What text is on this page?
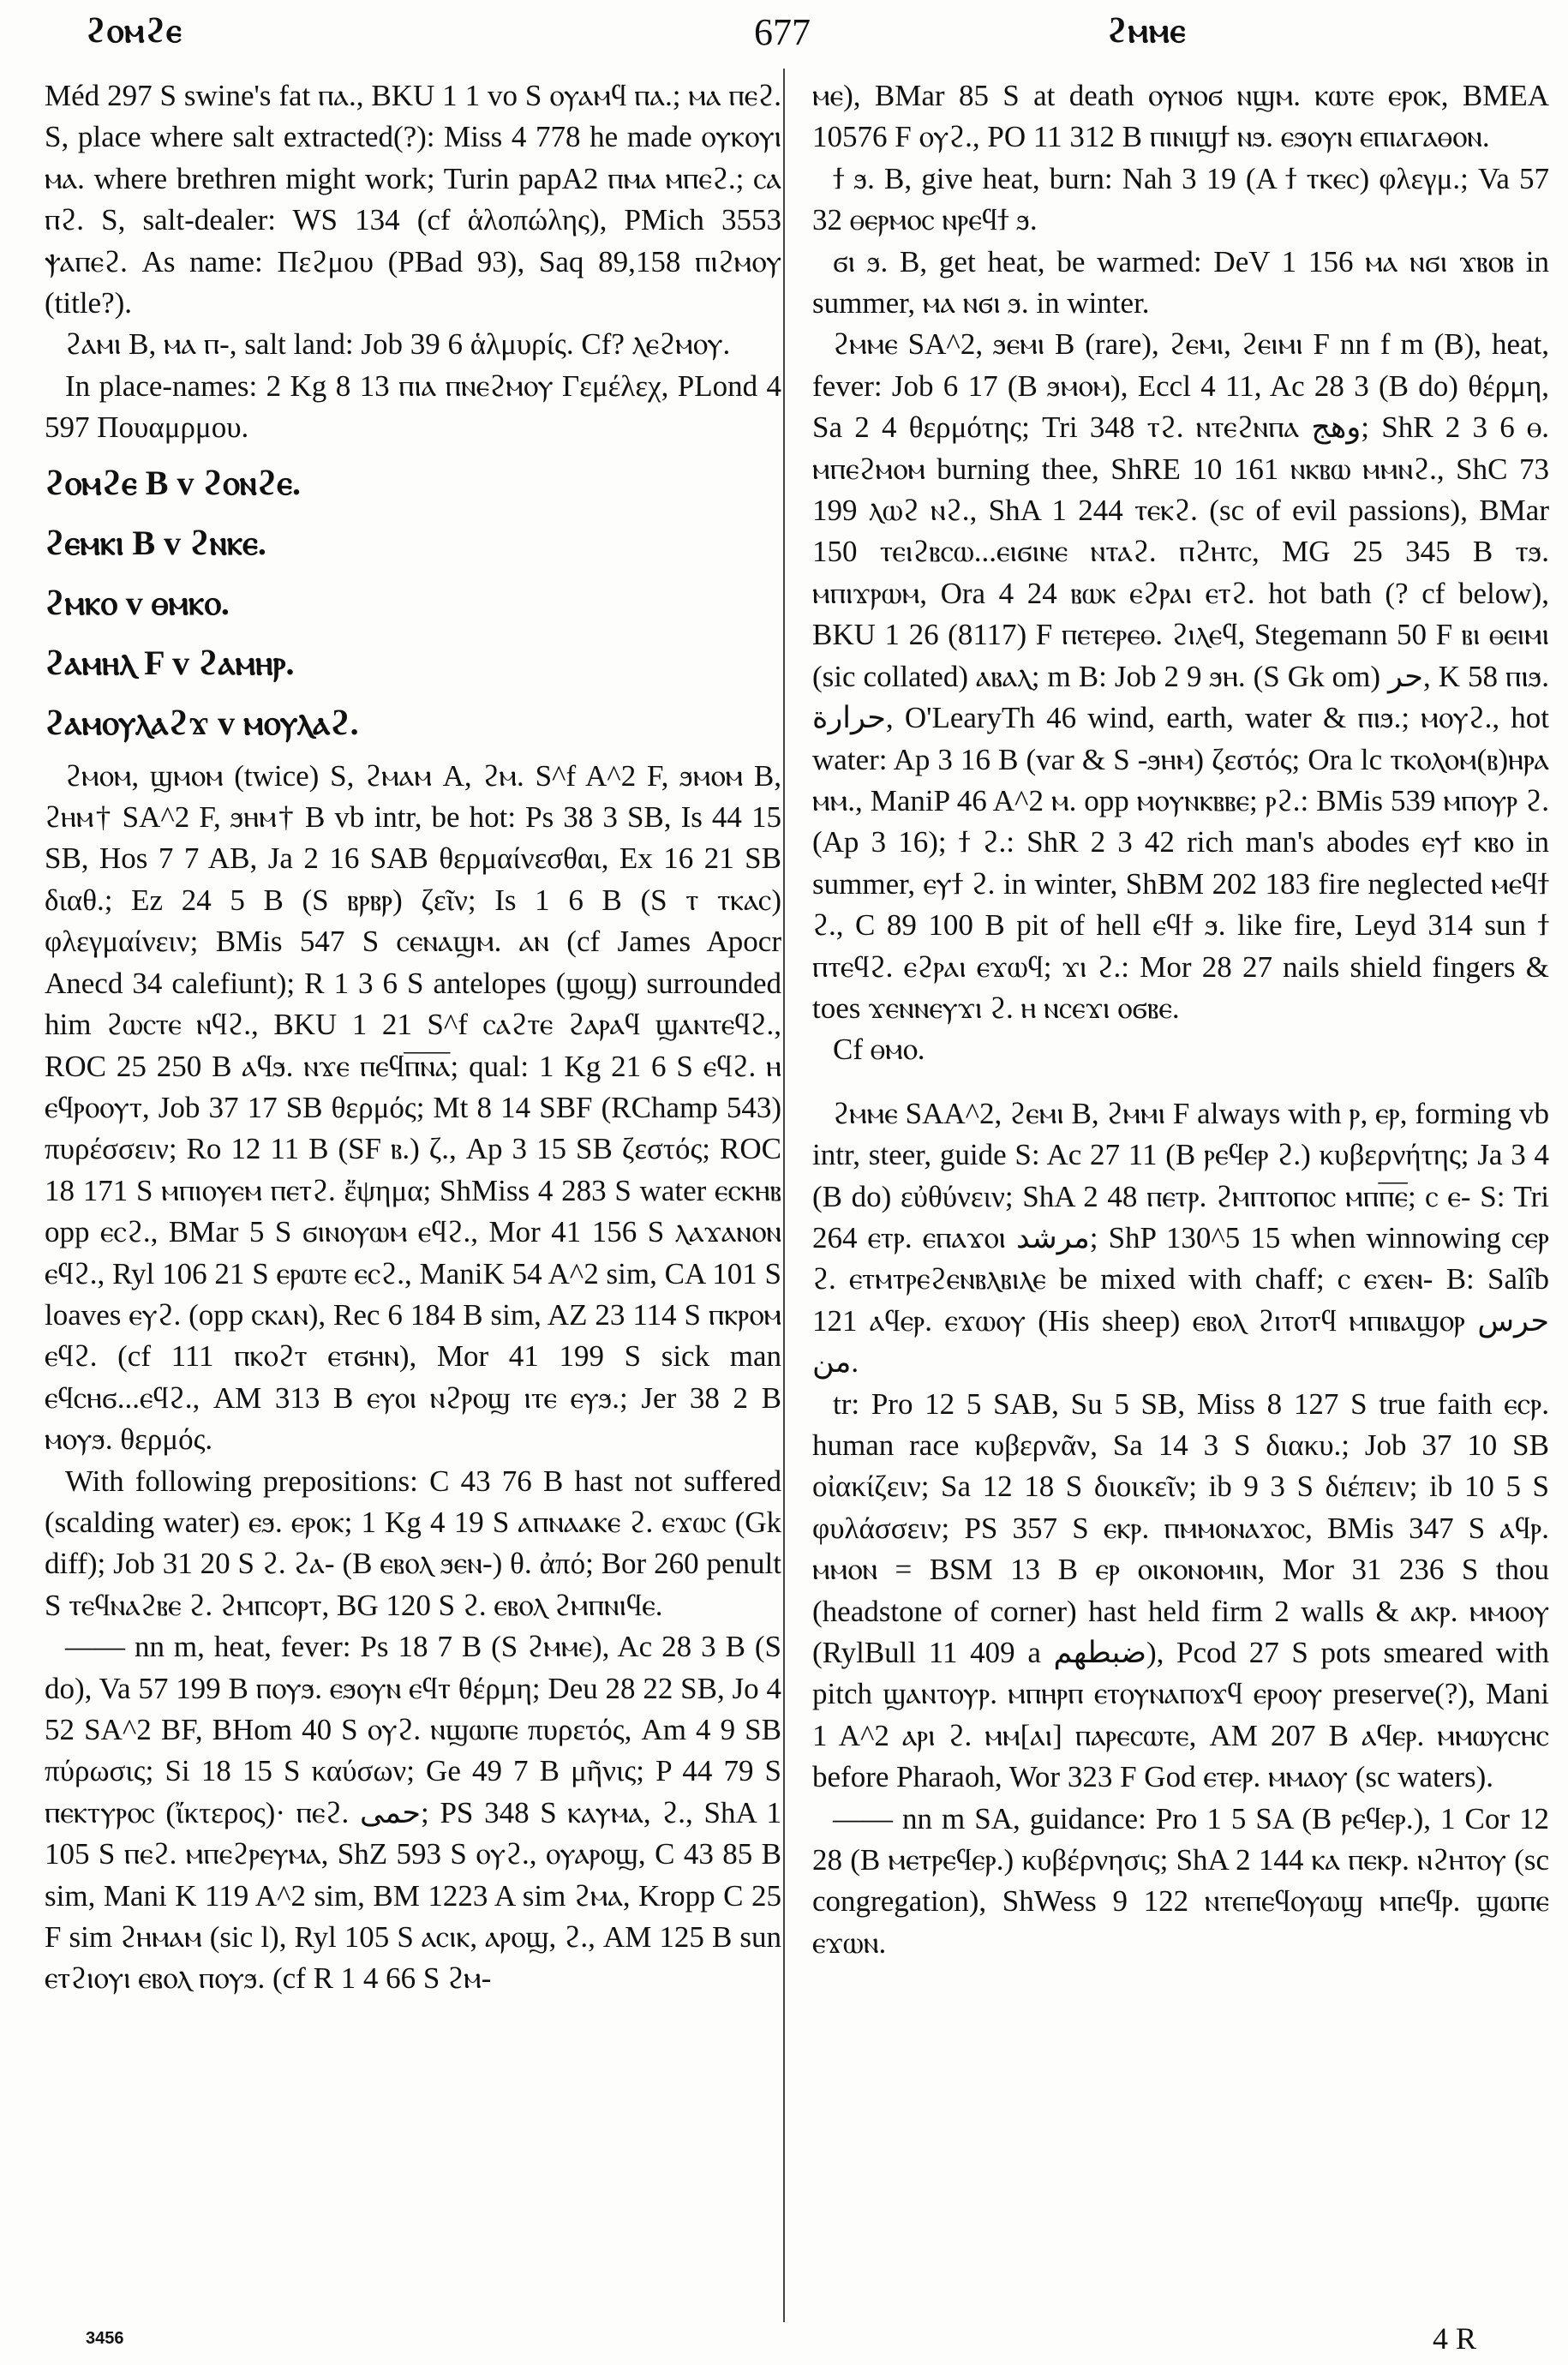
ϩⲟⲙϩⲉ	677	ϩⲙⲙⲉ

Méd 297 S swine's fat ⲡⲁ., BKU 1 1 vo S ⲟⲩⲁⲙϥ ⲡⲁ.; ⲙⲁ ⲡⲉϩ. S, place where salt extracted(?): Miss 4 778 he made ⲟⲩⲕⲟⲩⲓ ⲙⲁ. where brethren might work; Turin papA2 ⲡⲙⲁ ⲙⲡⲉϩ.; ⲥⲁ ⲡϩ. S, salt-dealer: WS 134 (cf ἁλοπώλης), PMich 3553 ⲯⲁⲡⲉϩ. As name: Πεϩμου (PBad 93), Saq 89,158 ⲡⲓϩⲙⲟⲩ (title?).

ϩⲁⲙⲓ B, ⲙⲁ ⲡ-, salt land: Job 39 6 ἁλμυρίς. Cf? ⲗⲉϩⲙⲟⲩ.

In place-names: 2 Kg 8 13 ⲡⲓⲁ ⲡⲛⲉϩⲙⲟⲩ Γεμέλεχ, PLond 4 597 Πουαμρμου.

ϩⲟⲙϩⲉ B v ϩⲟⲛϩⲉ.

ϩⲉⲙⲕⲓ B v ϩⲛⲕⲉ.

ϩⲙⲕⲟ v ⲑⲙⲕⲟ.

ϩⲁⲙⲏⲗ F v ϩⲁⲙⲏⲣ.

ϩⲁⲙⲟⲩⲗⲁϩϫ v ⲙⲟⲩⲗⲁϩ.

ϩⲙⲟⲙ, ϣⲙⲟⲙ (twice) S, ϩⲙⲁⲙ A, ϩⲙ. S^f A^2 F, ϧⲙⲟⲙ B, ϩⲏⲙ† SA^2 F, ϧⲏⲙ† B vb intr, be hot: Ps 38 3 SB, Is 44 15 SB, Hos 7 7 AB, Ja 2 16 SAB θερμαίνεσθαι, Ex 16 21 SB διαθ.; Ez 24 5 B (S ⲃⲣⲃⲣ) ζεῖν; Is 1 6 B (S ⲧ ⲧⲕⲁⲥ) φλεγμαίνειν; BMis 547 S ⲥⲉⲛⲁϣⲙ. ⲁⲛ (cf James Apocr Anecd 34 calefiunt); R 1 3 6 S antelopes (ϣⲟϣ) surrounded him ϩⲱⲥⲧⲉ ⲛϥϩ., BKU 1 21 S^f ⲥⲁϩⲧⲉ ϩⲁⲣⲁϥ ϣⲁⲛⲧⲉϥϩ., ROC 25 250 B ⲁϥϧ. ⲛϫⲉ ⲡⲉϥⲡ̅ⲛ̅ⲁ̅; qual: 1 Kg 21 6 S ⲉϥϩ. ⲏ ⲉϥⲣⲟⲟⲩⲧ, Job 37 17 SB θερμός; Mt 8 14 SBF (RChamp 543) πυρέσσειν; Ro 12 11 B (SF ⲃ.) ζ., Ap 3 15 SB ζεστός; ROC 18 171 S ⲙⲡⲓⲟⲩⲉⲙ ⲡⲉⲧϩ. ἔψημα; ShMiss 4 283 S water ⲉⲥⲕⲏⲃ opp ⲉⲥϩ., BMar 5 S ϭⲓⲛⲟⲩⲱⲙ ⲉϥϩ., Mor 41 156 S ⲗⲁϫⲁⲛⲟⲛ ⲉϥϩ., Ryl 106 21 S ⲉⲣⲱⲧⲉ ⲉⲥϩ., ManiK 54 A^2 sim, CA 101 S loaves ⲉⲩϩ. (opp ⲥⲕⲁⲛ), Rec 6 184 B sim, AZ 23 114 S ⲡⲕⲣⲟⲙ ⲉϥϩ. (cf 111 ⲡⲕⲟϩⲧ ⲉⲧϭⲏⲛ), Mor 41 199 S sick man ⲉϥⲥⲏϭ...ⲉϥϩ., AM 313 B ⲉⲩⲟⲓ ⲛϩⲣⲟϣ ⲓⲧⲉ ⲉⲩϧ.; Jer 38 2 B ⲙⲟⲩϧ. θερμός.

With following prepositions: C 43 76 B hast not suffered (scalding water) ⲉϧ. ⲉⲣⲟⲕ; 1 Kg 4 19 S ⲁⲡⲛⲁⲁⲕⲉ ϩ. ⲉϫⲱⲥ (Gk diff); Job 31 20 S ϩ. ϩⲁ- (B ⲉⲃⲟⲗ ϧⲉⲛ-) θ. ἀπό; Bor 260 penult S ⲧⲉϥⲛⲁϩⲃⲉ ϩ. ϩⲙⲡⲥⲟⲣⲧ, BG 120 S ϩ. ⲉⲃⲟⲗ ϩⲙⲡⲛⲓϥⲉ.

—— nn m, heat, fever: Ps 18 7 B (S ϩⲙⲙⲉ), Ac 28 3 B (S do), Va 57 199 B ⲡⲟⲩϧ. ⲉϧⲟⲩⲛ ⲉϥⲧ θέρμη; Deu 28 22 SB, Jo 4 52 SA^2 BF, BHom 40 S ⲟⲩϩ. ⲛϣⲱⲡⲉ πυρετός, Am 4 9 SB πύρωσις; Si 18 15 S καύσων; Ge 49 7 B μῆνις; P 44 79 S ⲡⲉⲕⲧⲩⲣⲟⲥ (ἴκτερος)· ⲡⲉϩ. ‏حمى‎; PS 348 S ⲕⲁⲩⲙⲁ, ϩ., ShA 1 105 S ⲡⲉϩ. ⲙⲡⲉϩⲣⲉⲩⲙⲁ, ShZ 593 S ⲟⲩϩ., ⲟⲩⲁⲣⲟϣ, C 43 85 B sim, Mani K 119 A^2 sim, BM 1223 A sim ϩⲙⲁ, Kropp C 25 F sim ϩⲏⲙⲁⲙ (sic l), Ryl 105 S ⲁⲥⲓⲕ, ⲁⲣⲟϣ, ϩ., AM 125 B sun ⲉⲧϩⲓⲟⲩⲓ ⲉⲃⲟⲗ ⲡⲟⲩϧ. (cf R 1 4 66 S ϩⲙ-

ⲙⲉ), BMar 85 S at death ⲟⲩⲛⲟϭ ⲛϣⲙ. ⲕⲱⲧⲉ ⲉⲣⲟⲕ, BMEA 10576 F ⲟⲩϩ., PO 11 312 B ⲡⲓⲛⲓϣϯ ⲛϧ. ⲉϧⲟⲩⲛ ⲉⲡⲓⲁⲅⲁⲑⲟⲛ.

ϯ ϧ. B, give heat, burn: Nah 3 19 (A ϯ ⲧⲕⲉⲥ) φλεγμ.; Va 57 32 ⲑⲉⲣⲙⲟⲥ ⲛⲣⲉϥϯ ϧ.

ϭⲓ ϧ. B, get heat, be warmed: DeV 1 156 ⲙⲁ ⲛϭⲓ ϫⲃⲟⲃ in summer, ⲙⲁ ⲛϭⲓ ϧ. in winter.

ϩⲙⲙⲉ SA^2, ϧⲉⲙⲓ B (rare), ϩⲉⲙⲓ, ϩⲉⲓⲙⲓ F nn f m (B), heat, fever: Job 6 17 (B ϧⲙⲟⲙ), Eccl 4 11, Ac 28 3 (B do) θέρμη, Sa 2 4 θερμότης; Tri 348 ⲧϩ. ⲛⲧⲉϩⲛⲡⲁ ‏وهج‎; ShR 2 3 6 ⲑ. ⲙⲡⲉϩⲙⲟⲙ burning thee, ShRE 10 161 ⲛⲕⲃⲱ ⲙⲙⲛϩ., ShC 73 199 ⲗⲱϩ ⲛϩ., ShA 1 244 ⲧⲉⲕϩ. (sc of evil passions), BMar 150 ⲧⲉⲓϩⲃⲥⲱ...ⲉⲓϭⲓⲛⲉ ⲛⲧⲁϩ. ⲡϩⲏⲧⲥ, MG 25 345 B ⲧϧ. ⲙⲡⲓϫⲣⲱⲙ, Ora 4 24 ⲃⲱⲕ ⲉϩⲣⲁⲓ ⲉⲧϩ. hot bath (? cf below), BKU 1 26 (8117) F ⲡⲉⲧⲉⲣⲉⲑ. ϩⲓⲗⲉϥ, Stegemann 50 F ⲃⲓ ⲑⲉⲓⲙⲓ (sic collated) ⲁⲃⲁⲗ; m B: Job 2 9 ϧⲏ. (S Gk om) ‏حر‎, K 58 ⲡⲓϧ. ‏حرارة‎, O'LearyTh 46 wind, earth, water & ⲡⲓϧ.; ⲙⲟⲩϩ., hot water: Ap 3 16 B (var & S -ϧⲏⲙ) ζεστός; Ora lc ⲧⲕⲟⲗⲟⲙ(ⲃ)ⲏⲣⲁ ⲙⲙ., ManiP 46 A^2 ⲙ. opp ⲙⲟⲩⲛⲕⲃⲃⲉ; ⲣϩ.: BMis 539 ⲙⲡⲟⲩⲣ ϩ. (Ap 3 16); ϯ ϩ.: ShR 2 3 42 rich man's abodes ⲉⲩϯ ⲕⲃⲟ in summer, ⲉⲩϯ ϩ. in winter, ShBM 202 183 fire neglected ⲙⲉϥϯ ϩ., C 89 100 B pit of hell ⲉϥϯ ϧ. like fire, Leyd 314 sun ϯ ⲡⲧⲉϥϩ. ⲉϩⲣⲁⲓ ⲉϫⲱϥ; ϫⲓ ϩ.: Mor 28 27 nails shield fingers & toes ϫⲉⲛⲛⲉⲩϫⲓ ϩ. ⲏ ⲛⲥⲉϫⲓ ⲟϭⲃⲉ.

Cf ⲑⲙⲟ.

ϩⲙⲙⲉ SAA^2, ϩⲉⲙⲓ B, ϩⲙⲙⲓ F always with ⲣ, ⲉⲣ, forming vb intr, steer, guide S: Ac 27 11 (B ⲣⲉϥⲉⲣ ϩ.) κυβερνήτης; Ja 3 4 (B do) εὐθύνειν; ShA 2 48 ⲡⲉⲧⲣ. ϩⲙⲡⲧⲟⲡⲟⲥ ⲙⲡⲡ̅ⲉ̅; ⲥ ⲉ- S: Tri 264 ⲉⲧⲣ. ⲉⲡⲁϫⲟⲓ ‏مرشد‎; ShP 130^5 15 when winnowing ⲥⲉⲣ ϩ. ⲉⲧⲙⲧⲣⲉϩⲉⲛⲃⲗⲃⲓⲗⲉ be mixed with chaff; ⲥ ⲉϫⲉⲛ- B: Salîb 121 ⲁϥⲉⲣ. ⲉϫⲱⲟⲩ (His sheep) ⲉⲃⲟⲗ ϩⲓⲧⲟⲧϥ ⲙⲡⲓⲃⲁϣⲟⲣ ‏حرس من‎.

tr: Pro 12 5 SAB, Su 5 SB, Miss 8 127 S true faith ⲉⲥⲣ. human race κυβερνᾶν, Sa 14 3 S διακυ.; Job 37 10 SB οἰακίζειν; Sa 12 18 S διοικεῖν; ib 9 3 S διέπειν; ib 10 5 S φυλάσσειν; PS 357 S ⲉⲕⲣ. ⲡⲙⲙⲟⲛⲁϫⲟⲥ, BMis 347 S ⲁϥⲣ. ⲙⲙⲟⲛ = BSM 13 B ⲉⲣ ⲟⲓⲕⲟⲛⲟⲙⲓⲛ, Mor 31 236 S thou (headstone of corner) hast held firm 2 walls & ⲁⲕⲣ. ⲙⲙⲟⲟⲩ (RylBull 11 409 a ‏ضبطهم‎), Pcod 27 S pots smeared with pitch ϣⲁⲛⲧⲟⲩⲣ. ⲙⲡⲏⲣⲡ ⲉⲧⲟⲩⲛⲁⲡⲟϫϥ ⲉⲣⲟⲟⲩ preserve(?), Mani 1 A^2 ⲁⲣⲓ ϩ. ⲙⲙ[ⲁⲓ] ⲡⲁⲣⲉⲥⲱⲧⲉ, AM 207 B ⲁϥⲉⲣ. ⲙⲙⲱⲩⲥⲏⲥ before Pharaoh, Wor 323 F God ⲉⲧⲉⲣ. ⲙⲙⲁⲟⲩ (sc waters).

—— nn m SA, guidance: Pro 1 5 SA (B ⲣⲉϥⲉⲣ.), 1 Cor 12 28 (B ⲙⲉⲧⲣⲉϥⲉⲣ.) κυβέρνησις; ShA 2 144 ⲕⲁ ⲡⲉⲕⲣ. ⲛϩⲏⲧⲟⲩ (sc congregation), ShWess 9 122 ⲛⲧⲉⲡⲉϥⲟⲩⲱϣ ⲙⲡⲉϥⲣ. ϣⲱⲡⲉ ⲉϫⲱⲛ.

3456	4 R
